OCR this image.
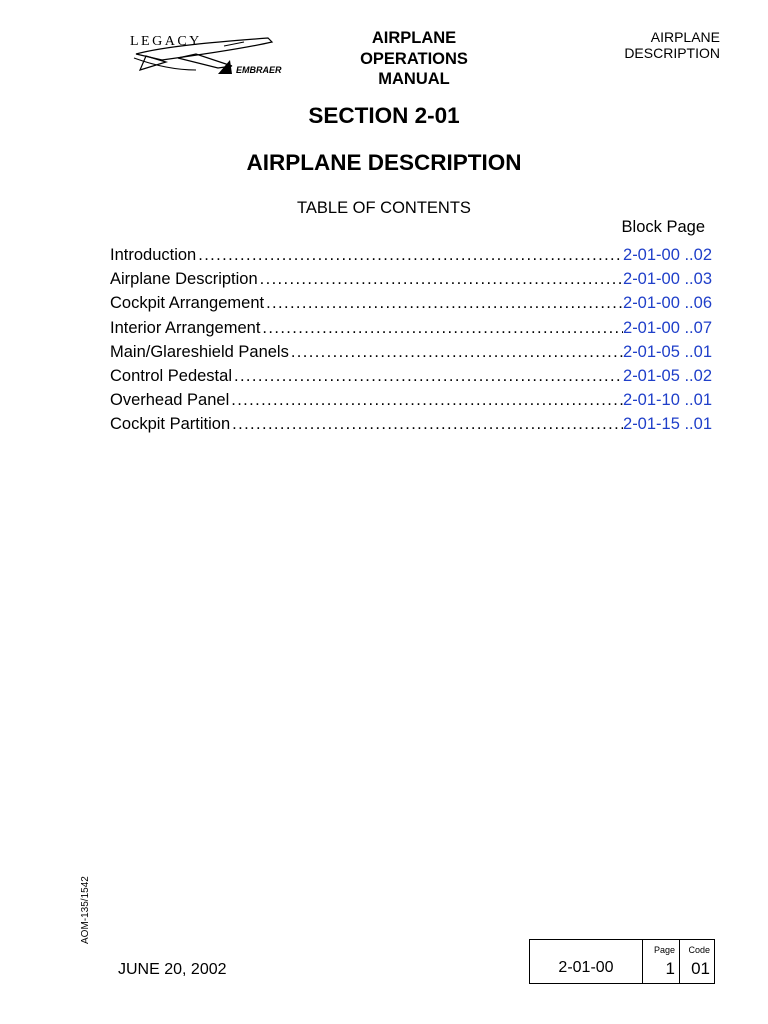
LEGACY
EMBRAER
AIRPLANE
OPERATIONS
MANUAL
AIRPLANE
DESCRIPTION
SECTION 2-01
AIRPLANE DESCRIPTION
TABLE OF CONTENTS
Block Page
Introduction . . .	2-01-00 ..02
Airplane Description . . .	2-01-00 ..03
Cockpit Arrangement . . .	2-01-00 ..06
Interior Arrangement . . .	2-01-00 ..07
Main/Glareshield Panels . . .	2-01-05 ..01
Control Pedestal . . .	2-01-05 ..02
Overhead Panel . . .	2-01-10 ..01
Cockpit Partition . . .	2-01-15 ..01
AOM-135/1542
JUNE 20, 2002	2-01-00
Page
1
Code
01
